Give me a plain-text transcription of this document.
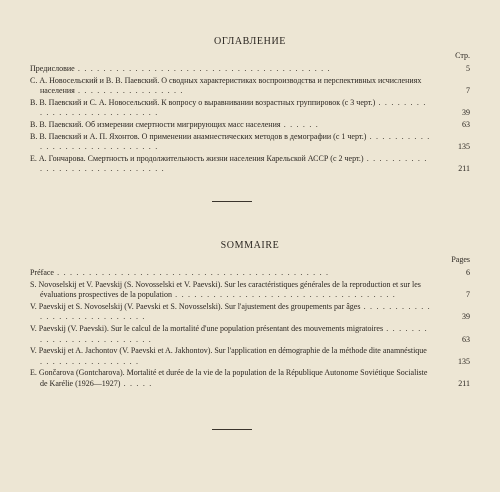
ОГЛАВЛЕНИЕ
Стр.
Предисловие . . . . . . . . . . . . . . . . . . . . . . . . . . . . . . . . . . . . . . . .	5
С. А. Новосельский и В. В. Паевский. О сводных характеристиках воспроизводства и перспективных исчислениях населения . . . . . . . . . . . . . . . . .	7
В. В. Паевский и С. А. Новосельский. К вопросу о выравнивании возрастных группировок (с 3 черт.) . . . . . . . . . . . . . . . . . . . . . . . . . . .	39
В. В. Паевский. Об измерении смертности мигрирующих масс населения . . . . . .	63
В. В. Паевский и А. П. Яхонтов. О применении анамнестических методов в демографии (с 1 черт.) . . . . . . . . . . . . . . . . . . . . . . . . . . . . .	135
Е. А. Гончарова. Смертность и продолжительность жизни населения Карельской АССР (с 2 черт.) . . . . . . . . . . . . . . . . . . . . . . . . . . . . . .	211
SOMMAIRE
Pages
Préface . . . . . . . . . . . . . . . . . . . . . . . . . . . . . . . . . . . . . . . . . . .	6
S. Novoselskij et V. Paevskij (S. Novosselski et V. Paevski). Sur les caractéristiques générales de la reproduction et sur les évaluations prospectives de la population . . . . . . . . . . . . . . . . . . . . . . . . . . . . . . . . . . .	7
V. Paevskij et S. Novoselskij (V. Paevski et S. Novosselski). Sur l'ajustement des groupements par âges . . . . . . . . . . . . . . . . . . . . . . . . . . . .	39
V. Paevskij (V. Paevski). Sur le calcul de la mortalité d'une population présentant des mouvements migratoires . . . . . . . . . . . . . . . . . . . . . . . . .	63
V. Paevskij et A. Jachontov (V. Paevski et A. Jakhontov). Sur l'application en démographie de la méthode dite anamnéstique . . . . . . . . . . . . . . . .	135
E. Gončarova (Gontcharova). Mortalité et durée de la vie de la population de la République Autonome Soviétique Socialiste de Karélie (1926—1927) . . . . .	211
